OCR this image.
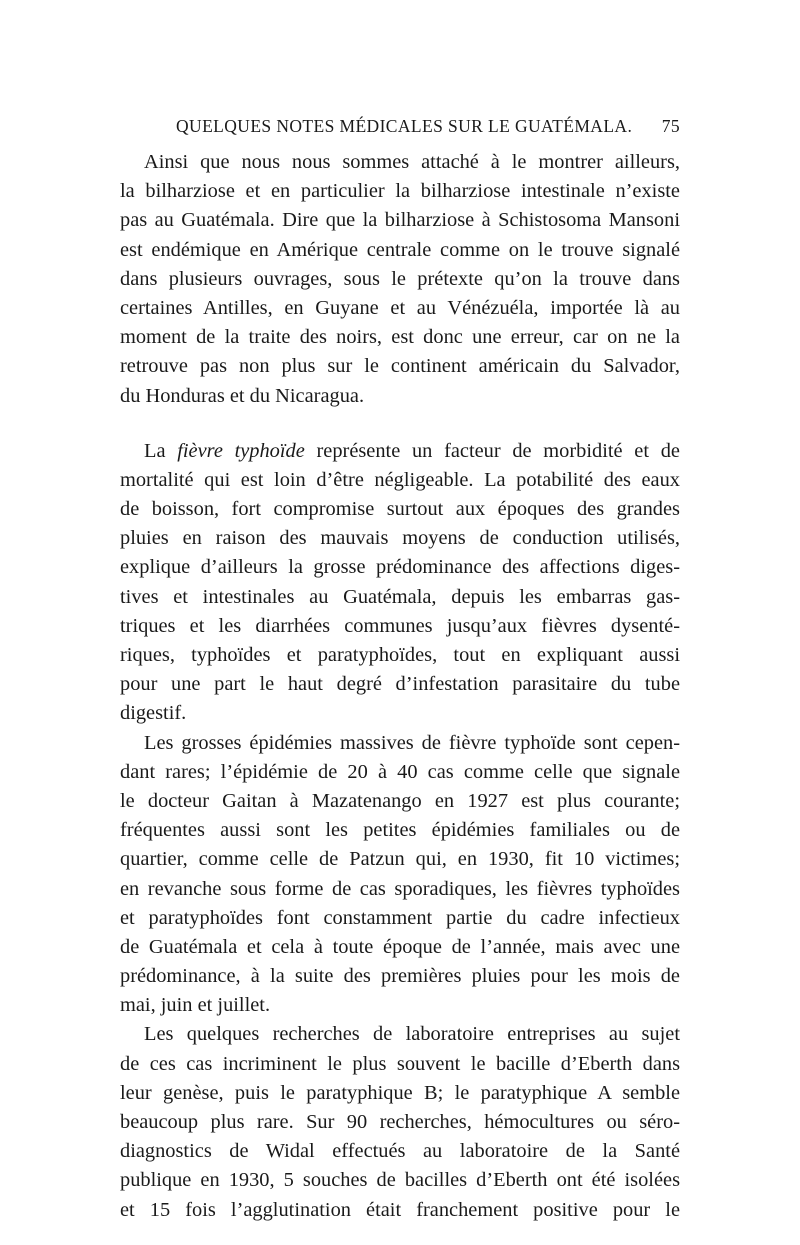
QUELQUES NOTES MÉDICALES SUR LE GUATÉMALA. 75
Ainsi que nous nous sommes attaché à le montrer ailleurs,
la bilharziose et en particulier la bilharziose intestinale n’existe
pas au Guatémala. Dire que la bilharziose à Schistosoma Mansoni
est endémique en Amérique centrale comme on le trouve signalé
dans plusieurs ouvrages, sous le prétexte qu’on la trouve dans
certaines Antilles, en Guyane et au Vénézuéla, importée là au
moment de la traite des noirs, est donc une erreur, car on ne la
retrouve pas non plus sur le continent américain du Salvador,
du Honduras et du Nicaragua.
La fièvre typhoïde représente un facteur de morbidité et de
mortalité qui est loin d’être négligeable. La potabilité des eaux
de boisson, fort compromise surtout aux époques des grandes
pluies en raison des mauvais moyens de conduction utilisés,
explique d’ailleurs la grosse prédominance des affections diges-
tives et intestinales au Guatémala, depuis les embarras gas-
triques et les diarrhées communes jusqu’aux fièvres dysenté-
riques, typhoïdes et paratyphoïdes, tout en expliquant aussi
pour une part le haut degré d’infestation parasitaire du tube
digestif.
Les grosses épidémies massives de fièvre typhoïde sont cepen-
dant rares; l’épidémie de 20 à 40 cas comme celle que signale
le docteur Gaitan à Mazatenango en 1927 est plus courante;
fréquentes aussi sont les petites épidémies familiales ou de
quartier, comme celle de Patzun qui, en 1930, fit 10 victimes;
en revanche sous forme de cas sporadiques, les fièvres typhoïdes
et paratyphoïdes font constamment partie du cadre infectieux
de Guatémala et cela à toute époque de l’année, mais avec une
prédominance, à la suite des premières pluies pour les mois de
mai, juin et juillet.
Les quelques recherches de laboratoire entreprises au sujet
de ces cas incriminent le plus souvent le bacille d’Eberth dans
leur genèse, puis le paratyphique B; le paratyphique A semble
beaucoup plus rare. Sur 90 recherches, hémocultures ou séro-
diagnostics de Widal effectués au laboratoire de la Santé
publique en 1930, 5 souches de bacilles d’Eberth ont été isolées
et 15 fois l’agglutination était franchement positive pour le
